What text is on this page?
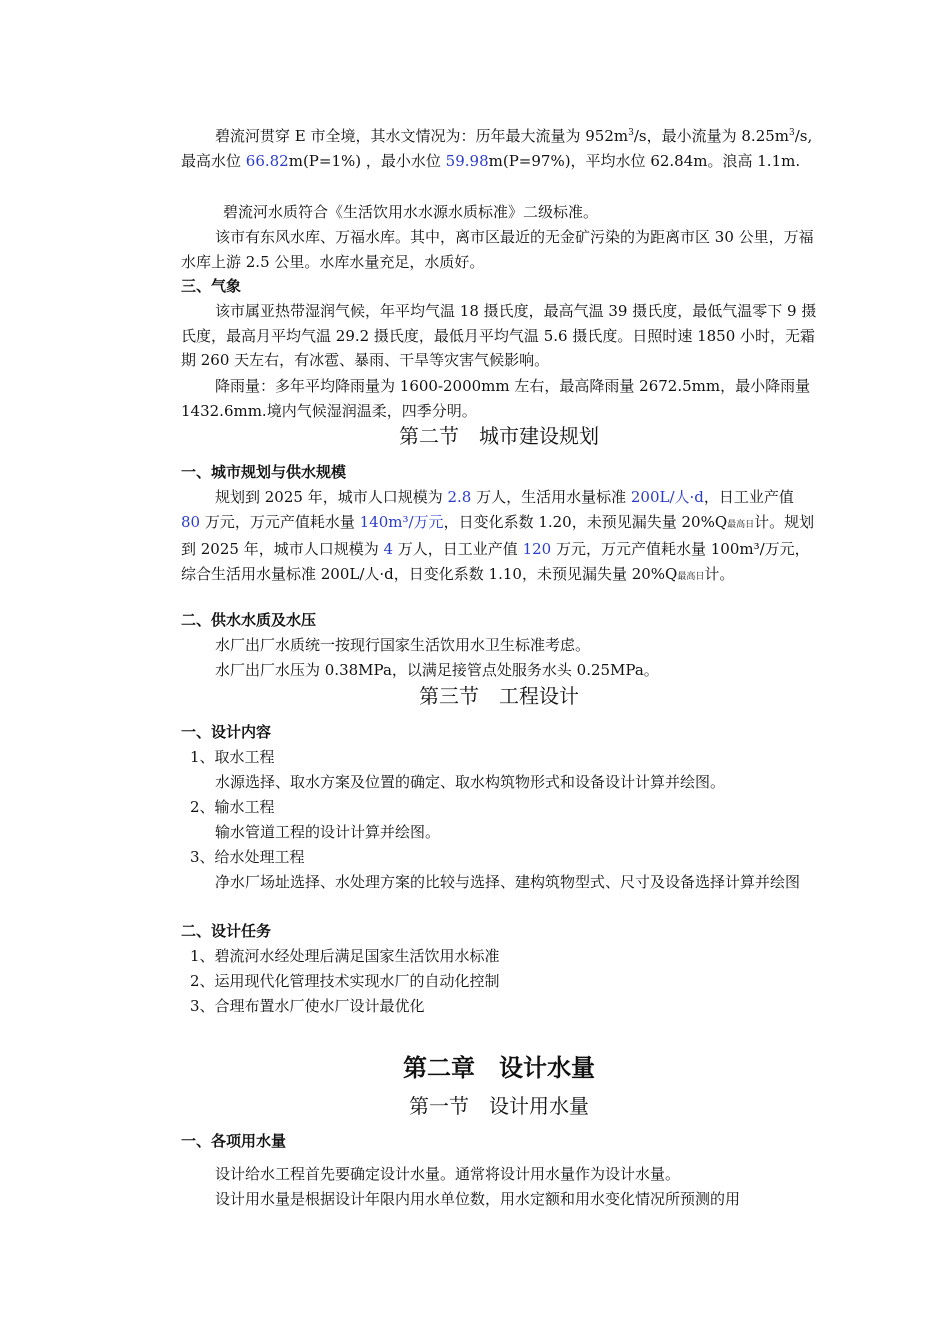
碧流河贯穿 E 市全境，其水文情况为：历年最大流量为 $952m^3/s$，最小流量为 $8.25m^3/s$,最高水位 66.82m(P=1%) ，最小水位 59.98m(P=97%)，平均水位 62.84m。浪高 1.1m.

碧流河水质符合《生活饮用水水源水质标准》二级标准。

该市有东风水库、万福水库。其中，离市区最近的无金矿污染的为距离市区 30 公里，万福水库上游 2.5 公里。水库水量充足，水质好。

三、气象

该市属亚热带湿润气候，年平均气温 18 摄氏度，最高气温 39 摄氏度，最低气温零下 9 摄氏度，最高月平均气温 29.2 摄氏度，最低月平均气温 5.6 摄氏度。日照时速 1850 小时，无霜期 260 天左右，有冰雹、暴雨、干旱等灾害气候影响。

降雨量：多年平均降雨量为 1600-2000mm 左右，最高降雨量 2672.5mm，最小降雨量 1432.6mm.境内气候湿润温柔，四季分明。

第二节　城市建设规划

一、城市规划与供水规模

规划到 2025 年，城市人口规模为 2.8 万人，生活用水量标准 200L/人·d，日工业产值 80 万元，万元产值耗水量 140m³/万元，日变化系数 1.20，未预见漏失量 20%Q最高日计。规划到 2025 年，城市人口规模为 4 万人，日工业产值 120 万元，万元产值耗水量 100m³/万元，综合生活用水量标准 200L/人·d，日变化系数 1.10，未预见漏失量 20%Q最高日计。

二、供水水质及水压

水厂出厂水质统一按现行国家生活饮用水卫生标准考虑。

水厂出厂水压为 0.38MPa，以满足接管点处服务水头 0.25MPa。

第三节　工程设计

一、设计内容

1、取水工程

水源选择、取水方案及位置的确定、取水构筑物形式和设备设计计算并绘图。

2、输水工程

输水管道工程的设计计算并绘图。

3、给水处理工程

净水厂场址选择、水处理方案的比较与选择、建构筑物型式、尺寸及设备选择计算并绘图

二、设计任务

1、碧流河水经处理后满足国家生活饮用水标准

2、运用现代化管理技术实现水厂的自动化控制

3、合理布置水厂使水厂设计最优化

第二章　设计水量

第一节　设计用水量

一、各项用水量

设计给水工程首先要确定设计水量。通常将设计用水量作为设计水量。

设计用水量是根据设计年限内用水单位数，用水定额和用水变化情况所预测的用
